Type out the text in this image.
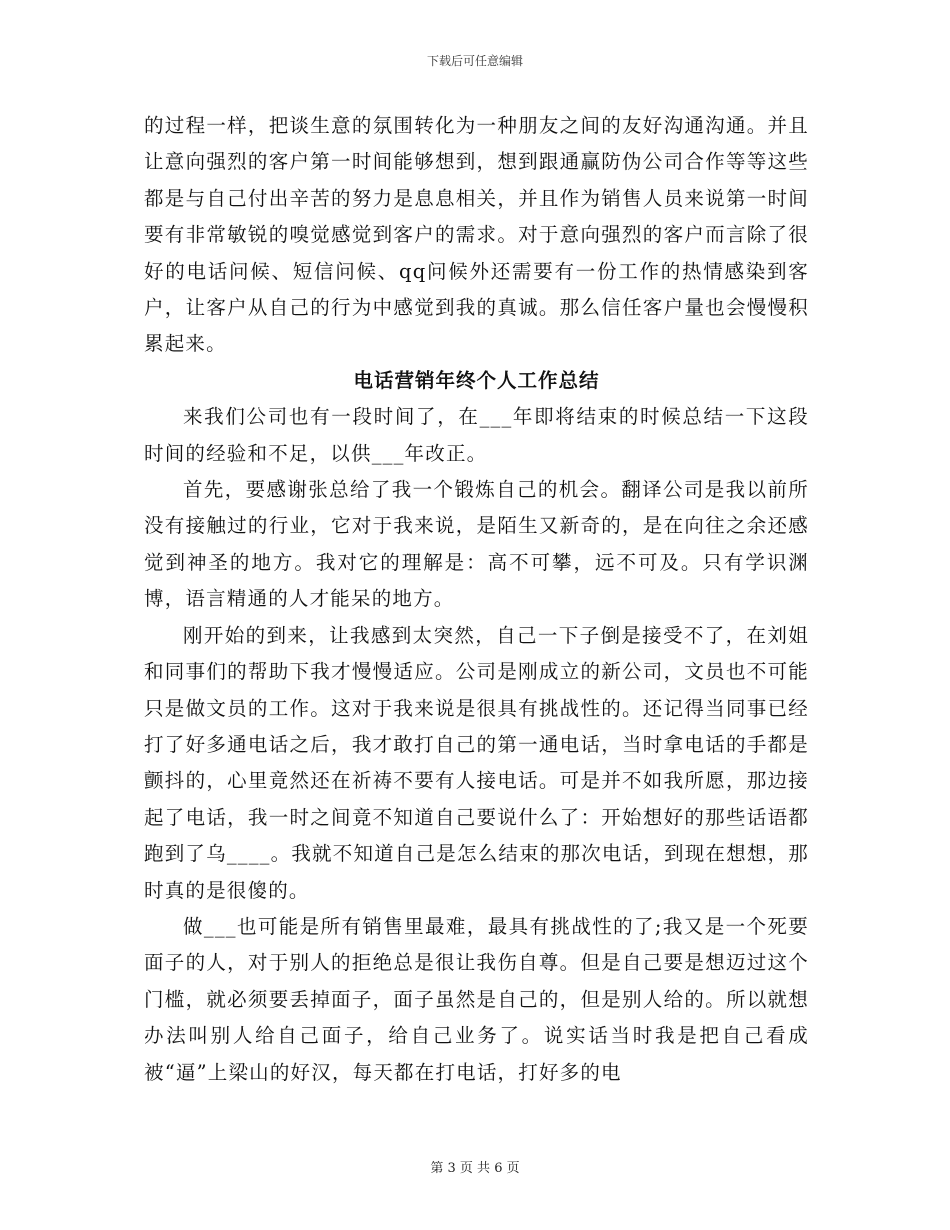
下载后可任意编辑

的过程一样，把谈生意的氛围转化为一种朋友之间的友好沟通沟通。并且让意向强烈的客户第一时间能够想到，想到跟通赢防伪公司合作等等这些都是与自己付出辛苦的努力是息息相关，并且作为销售人员来说第一时间要有非常敏锐的嗅觉感觉到客户的需求。对于意向强烈的客户而言除了很好的电话问候、短信问候、qq问候外还需要有一份工作的热情感染到客户，让客户从自己的行为中感觉到我的真诚。那么信任客户量也会慢慢积累起来。

电话营销年终个人工作总结

来我们公司也有一段时间了，在___年即将结束的时候总结一下这段时间的经验和不足，以供___年改正。

首先，要感谢张总给了我一个锻炼自己的机会。翻译公司是我以前所没有接触过的行业，它对于我来说，是陌生又新奇的，是在向往之余还感觉到神圣的地方。我对它的理解是：高不可攀，远不可及。只有学识渊博，语言精通的人才能呆的地方。

刚开始的到来，让我感到太突然，自己一下子倒是接受不了，在刘姐和同事们的帮助下我才慢慢适应。公司是刚成立的新公司，文员也不可能只是做文员的工作。这对于我来说是很具有挑战性的。还记得当同事已经打了好多通电话之后，我才敢打自己的第一通电话，当时拿电话的手都是颤抖的，心里竟然还在祈祷不要有人接电话。可是并不如我所愿，那边接起了电话，我一时之间竟不知道自己要说什么了：开始想好的那些话语都跑到了乌____。我就不知道自己是怎么结束的那次电话，到现在想想，那时真的是很傻的。

做___也可能是所有销售里最难，最具有挑战性的了;我又是一个死要面子的人，对于别人的拒绝总是很让我伤自尊。但是自己要是想迈过这个门槛，就必须要丢掉面子，面子虽然是自己的，但是别人给的。所以就想办法叫别人给自己面子，给自己业务了。说实话当时我是把自己看成被“逼”上梁山的好汉，每天都在打电话，打好多的电

第 3 页 共 6 页
